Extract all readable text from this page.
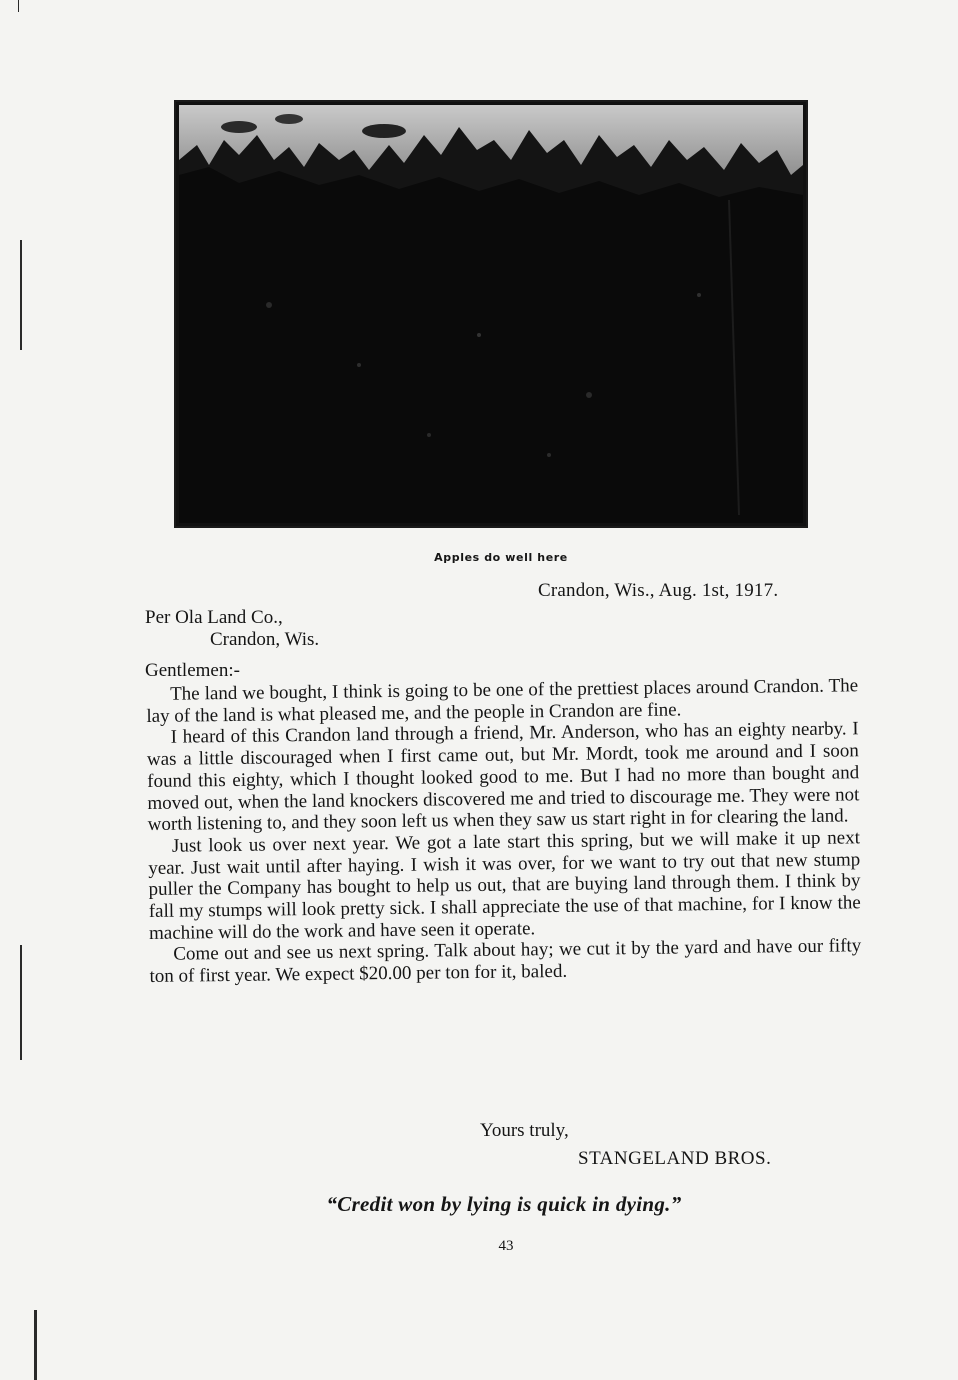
Apples do well here
Crandon, Wis., Aug. 1st, 1917.
Per Ola Land Co.,
Crandon, Wis.
Gentlemen:-

The land we bought, I think is going to be one of the prettiest places around Crandon. The lay of the land is what pleased me, and the people in Crandon are fine.

I heard of this Crandon land through a friend, Mr. Anderson, who has an eighty nearby. I was a little discouraged when I first came out, but Mr. Mordt, took me around and I soon found this eighty, which I thought looked good to me. But I had no more than bought and moved out, when the land knockers discovered me and tried to discourage me. They were not worth listening to, and they soon left us when they saw us start right in for clearing the land.

Just look us over next year. We got a late start this spring, but we will make it up next year. Just wait until after haying. I wish it was over, for we want to try out that new stump puller the Company has bought to help us out, that are buying land through them. I think by fall my stumps will look pretty sick. I shall appreciate the use of that machine, for I know the machine will do the work and have seen it operate.

Come out and see us next spring. Talk about hay; we cut it by the yard and have our fifty ton of first year. We expect $20.00 per ton for it, baled.

Yours truly,
STANGELAND BROS.
“Credit won by lying is quick in dying.”
43
